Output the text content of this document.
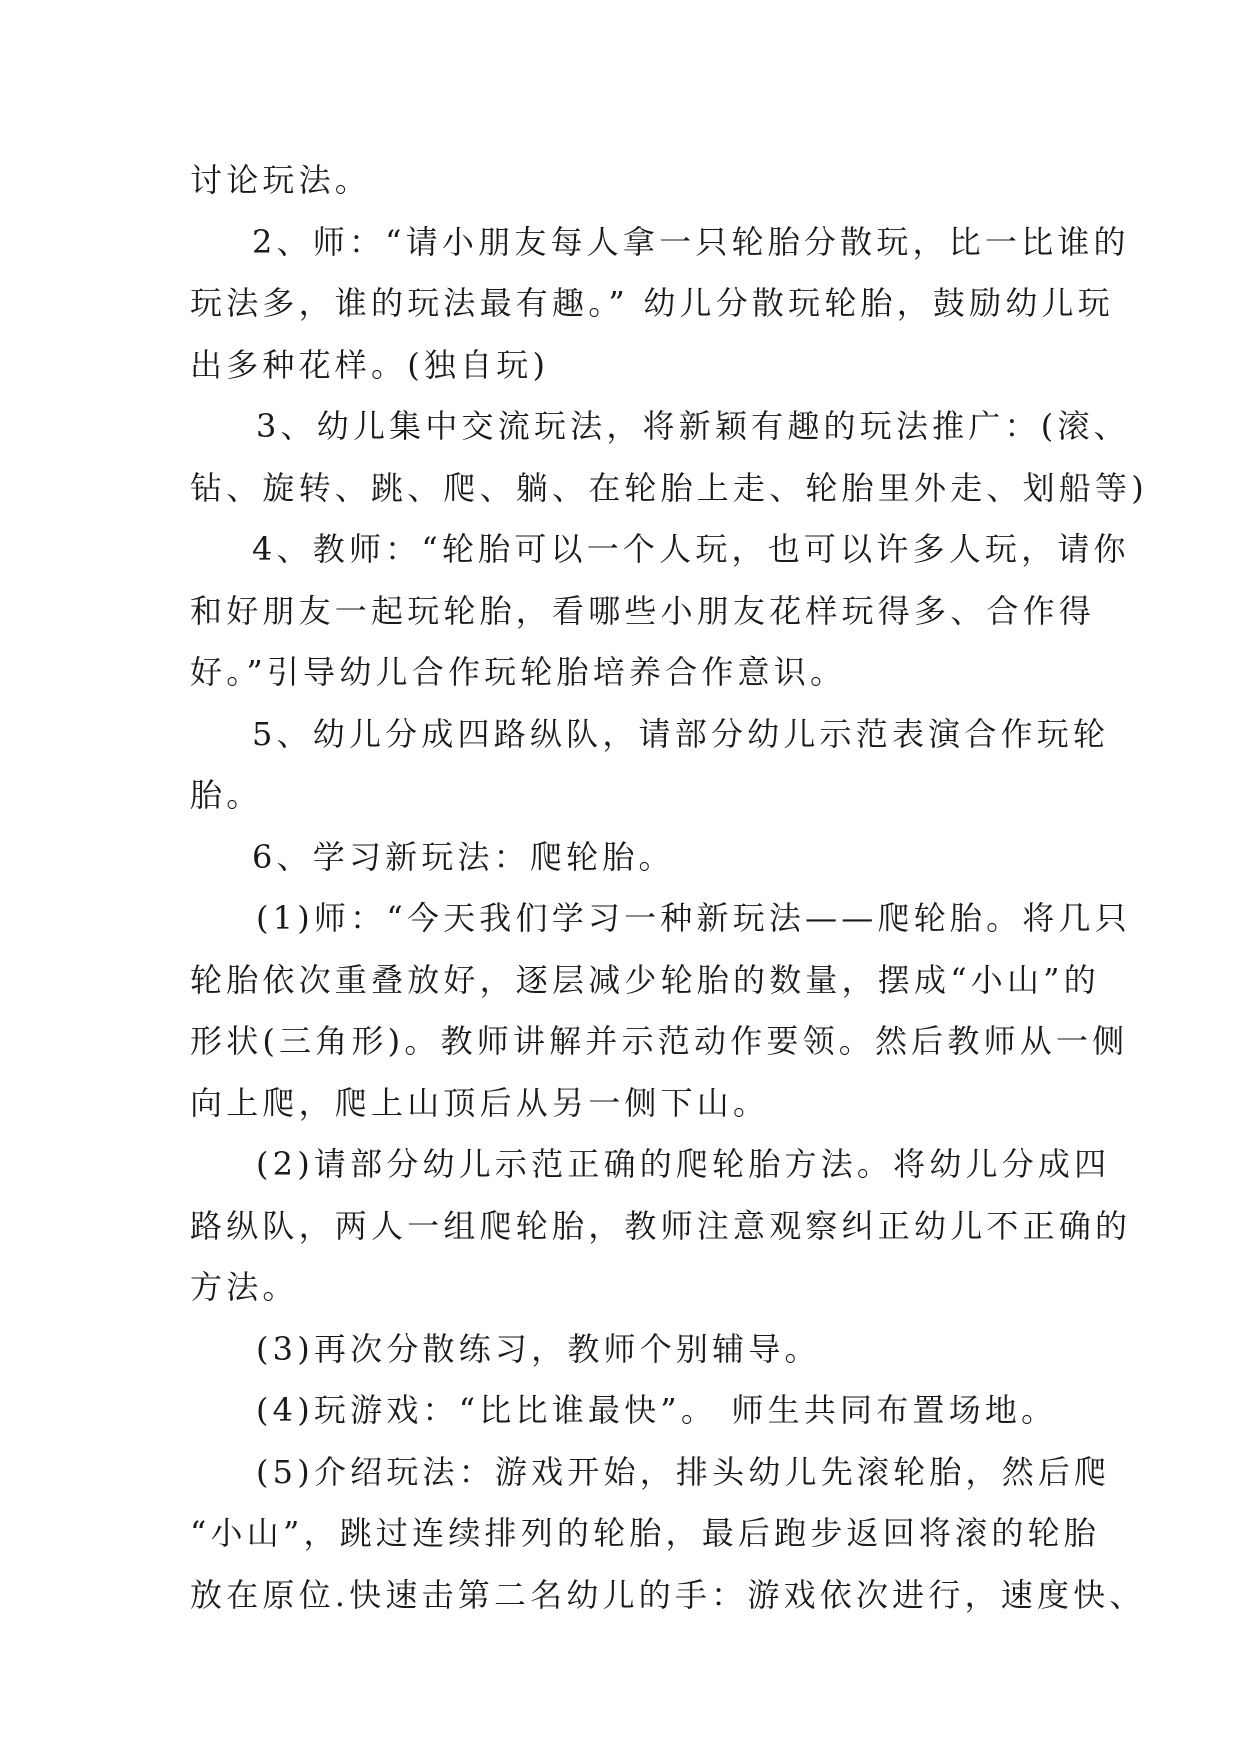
讨论玩法。
2、师：“请小朋友每人拿一只轮胎分散玩，比一比谁的
玩法多，谁的玩法最有趣。” 幼儿分散玩轮胎，鼓励幼儿玩
出多种花样。(独自玩)
3、幼儿集中交流玩法，将新颖有趣的玩法推广：(滚、
钻、旋转、跳、爬、躺、在轮胎上走、轮胎里外走、划船等)
4、教师：“轮胎可以一个人玩，也可以许多人玩，请你
和好朋友一起玩轮胎，看哪些小朋友花样玩得多、合作得
好。”引导幼儿合作玩轮胎培养合作意识。
5、幼儿分成四路纵队，请部分幼儿示范表演合作玩轮
胎。
6、学习新玩法：爬轮胎。
(1)师：“今天我们学习一种新玩法——爬轮胎。将几只
轮胎依次重叠放好，逐层减少轮胎的数量，摆成“小山”的
形状(三角形)。教师讲解并示范动作要领。然后教师从一侧
向上爬，爬上山顶后从另一侧下山。
(2)请部分幼儿示范正确的爬轮胎方法。将幼儿分成四
路纵队，两人一组爬轮胎，教师注意观察纠正幼儿不正确的
方法。
(3)再次分散练习，教师个别辅导。
(4)玩游戏：“比比谁最快”。 师生共同布置场地。
(5)介绍玩法：游戏开始，排头幼儿先滚轮胎，然后爬
“小山”，跳过连续排列的轮胎，最后跑步返回将滚的轮胎
放在原位.快速击第二名幼儿的手：游戏依次进行，速度快、
